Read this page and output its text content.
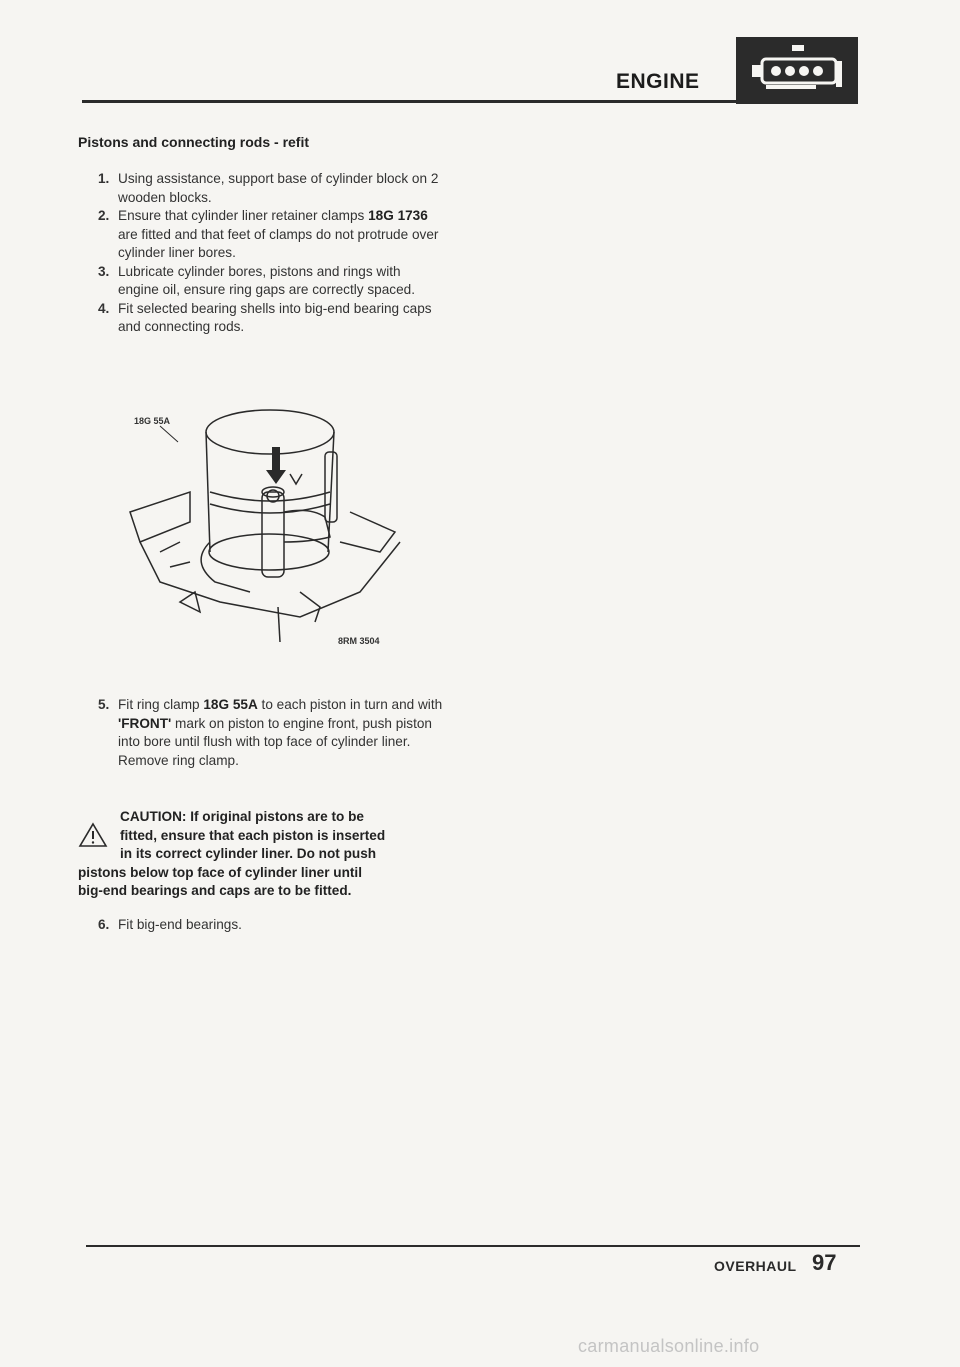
ENGINE
Pistons and connecting rods - refit
1. Using assistance, support base of cylinder block on 2 wooden blocks.
2. Ensure that cylinder liner retainer clamps 18G 1736 are fitted and that feet of clamps do not protrude over cylinder liner bores.
3. Lubricate cylinder bores, pistons and rings with engine oil, ensure ring gaps are correctly spaced.
4. Fit selected bearing shells into big-end bearing caps and connecting rods.
18G 55A
8RM 3504
5. Fit ring clamp 18G 55A to each piston in turn and with 'FRONT' mark on piston to engine front, push piston into bore until flush with top face of cylinder liner.
Remove ring clamp.
CAUTION: If original pistons are to be
fitted, ensure that each piston is inserted
in its correct cylinder liner. Do not push
pistons below top face of cylinder liner until
big-end bearings and caps are to be fitted.
6. Fit big-end bearings.
OVERHAUL 97
carmanualsonline.info
